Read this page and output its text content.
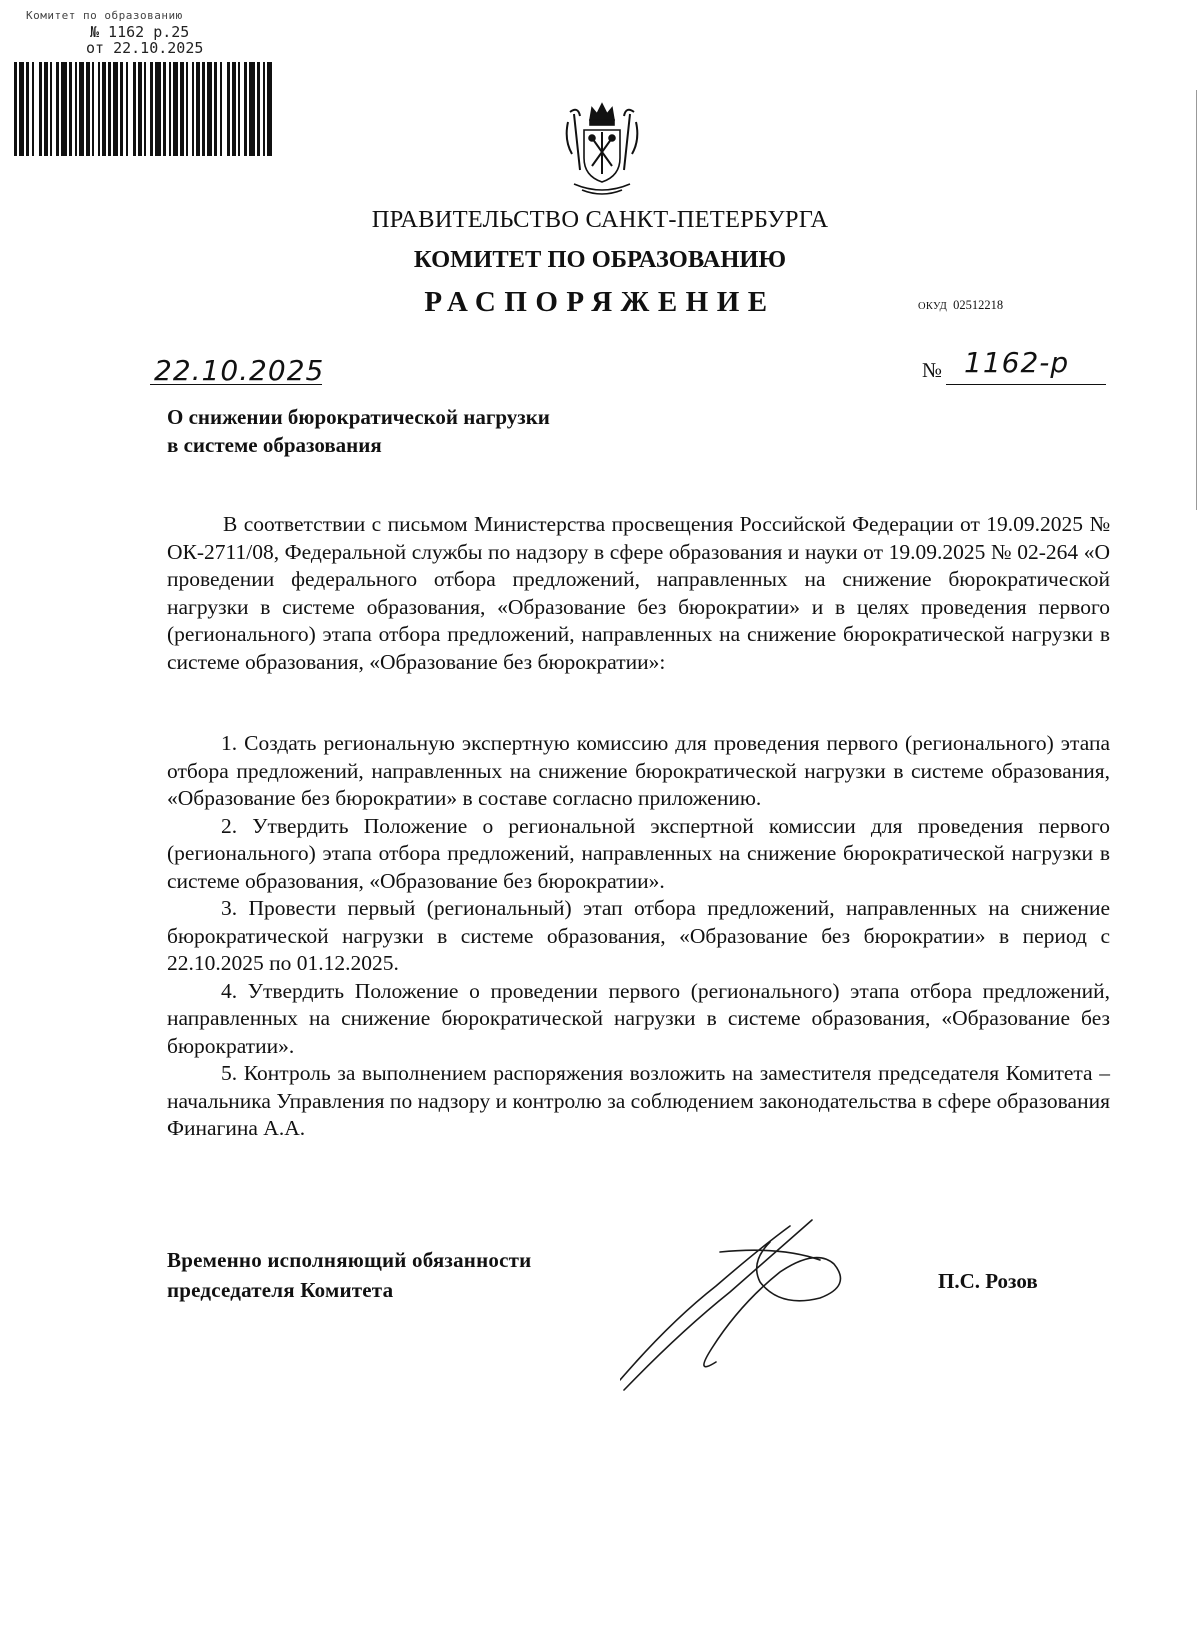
Комитет по образованию
№ 1162 р.25
от 22.10.2025
ПРАВИТЕЛЬСТВО САНКТ-ПЕТЕРБУРГА
КОМИТЕТ ПО ОБРАЗОВАНИЮ
РАСПОРЯЖЕНИЕ	ОКУД 02512218
22.10.2025	№ 1162-р
О снижении бюрократической нагрузки
в системе образования
В соответствии с письмом Министерства просвещения Российской Федерации от 19.09.2025 № ОК-2711/08, Федеральной службы по надзору в сфере образования и науки от 19.09.2025 № 02-264 «О проведении федерального отбора предложений, направленных на снижение бюрократической нагрузки в системе образования, «Образование без бюрократии» и в целях проведения первого (регионального) этапа отбора предложений, направленных на снижение бюрократической нагрузки в системе образования, «Образование без бюрократии»:

1. Создать региональную экспертную комиссию для проведения первого (регионального) этапа отбора предложений, направленных на снижение бюрократической нагрузки в системе образования, «Образование без бюрократии» в составе согласно приложению.

2. Утвердить Положение о региональной экспертной комиссии для проведения первого (регионального) этапа отбора предложений, направленных на снижение бюрократической нагрузки в системе образования, «Образование без бюрократии».

3. Провести первый (региональный) этап отбора предложений, направленных на снижение бюрократической нагрузки в системе образования, «Образование без бюрократии» в период с 22.10.2025 по 01.12.2025.

4. Утвердить Положение о проведении первого (регионального) этапа отбора предложений, направленных на снижение бюрократической нагрузки в системе образования, «Образование без бюрократии».

5. Контроль за выполнением распоряжения возложить на заместителя председателя Комитета – начальника Управления по надзору и контролю за соблюдением законодательства в сфере образования Финагина А.А.

Временно исполняющий обязанности
председателя Комитета	П.С. Розов
